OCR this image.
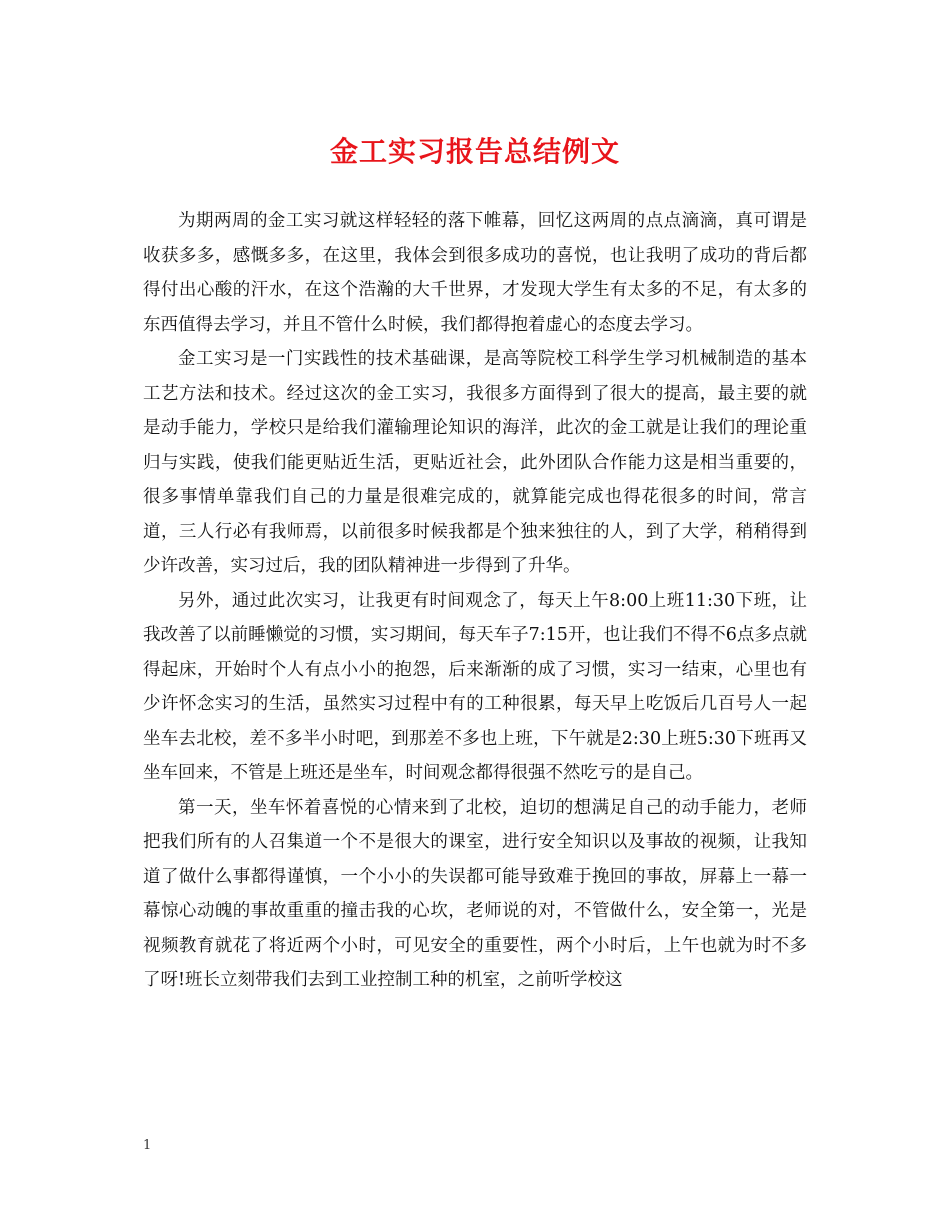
金工实习报告总结例文

为期两周的金工实习就这样轻轻的落下帷幕，回忆这两周的点点滴滴，真可谓是收获多多，感慨多多，在这里，我体会到很多成功的喜悦，也让我明了成功的背后都得付出心酸的汗水，在这个浩瀚的大千世界，才发现大学生有太多的不足，有太多的东西值得去学习，并且不管什么时候，我们都得抱着虚心的态度去学习。

金工实习是一门实践性的技术基础课，是高等院校工科学生学习机械制造的基本工艺方法和技术。经过这次的金工实习，我很多方面得到了很大的提高，最主要的就是动手能力，学校只是给我们灌输理论知识的海洋，此次的金工就是让我们的理论重归与实践，使我们能更贴近生活，更贴近社会，此外团队合作能力这是相当重要的，很多事情单靠我们自己的力量是很难完成的，就算能完成也得花很多的时间，常言道，三人行必有我师焉，以前很多时候我都是个独来独往的人，到了大学，稍稍得到少许改善，实习过后，我的团队精神进一步得到了升华。

另外，通过此次实习，让我更有时间观念了，每天上午8:00上班11:30下班，让我改善了以前睡懒觉的习惯，实习期间，每天车子7:15开，也让我们不得不6点多点就得起床，开始时个人有点小小的抱怨，后来渐渐的成了习惯，实习一结束，心里也有少许怀念实习的生活，虽然实习过程中有的工种很累，每天早上吃饭后几百号人一起坐车去北校，差不多半小时吧，到那差不多也上班，下午就是2:30上班5:30下班再又坐车回来，不管是上班还是坐车，时间观念都得很强不然吃亏的是自己。

第一天，坐车怀着喜悦的心情来到了北校，迫切的想满足自己的动手能力，老师把我们所有的人召集道一个不是很大的课室，进行安全知识以及事故的视频，让我知道了做什么事都得谨慎，一个小小的失误都可能导致难于挽回的事故，屏幕上一幕一幕惊心动魄的事故重重的撞击我的心坎，老师说的对，不管做什么，安全第一，光是视频教育就花了将近两个小时，可见安全的重要性，两个小时后，上午也就为时不多了呀!班长立刻带我们去到工业控制工种的机室，之前听学校这

1
